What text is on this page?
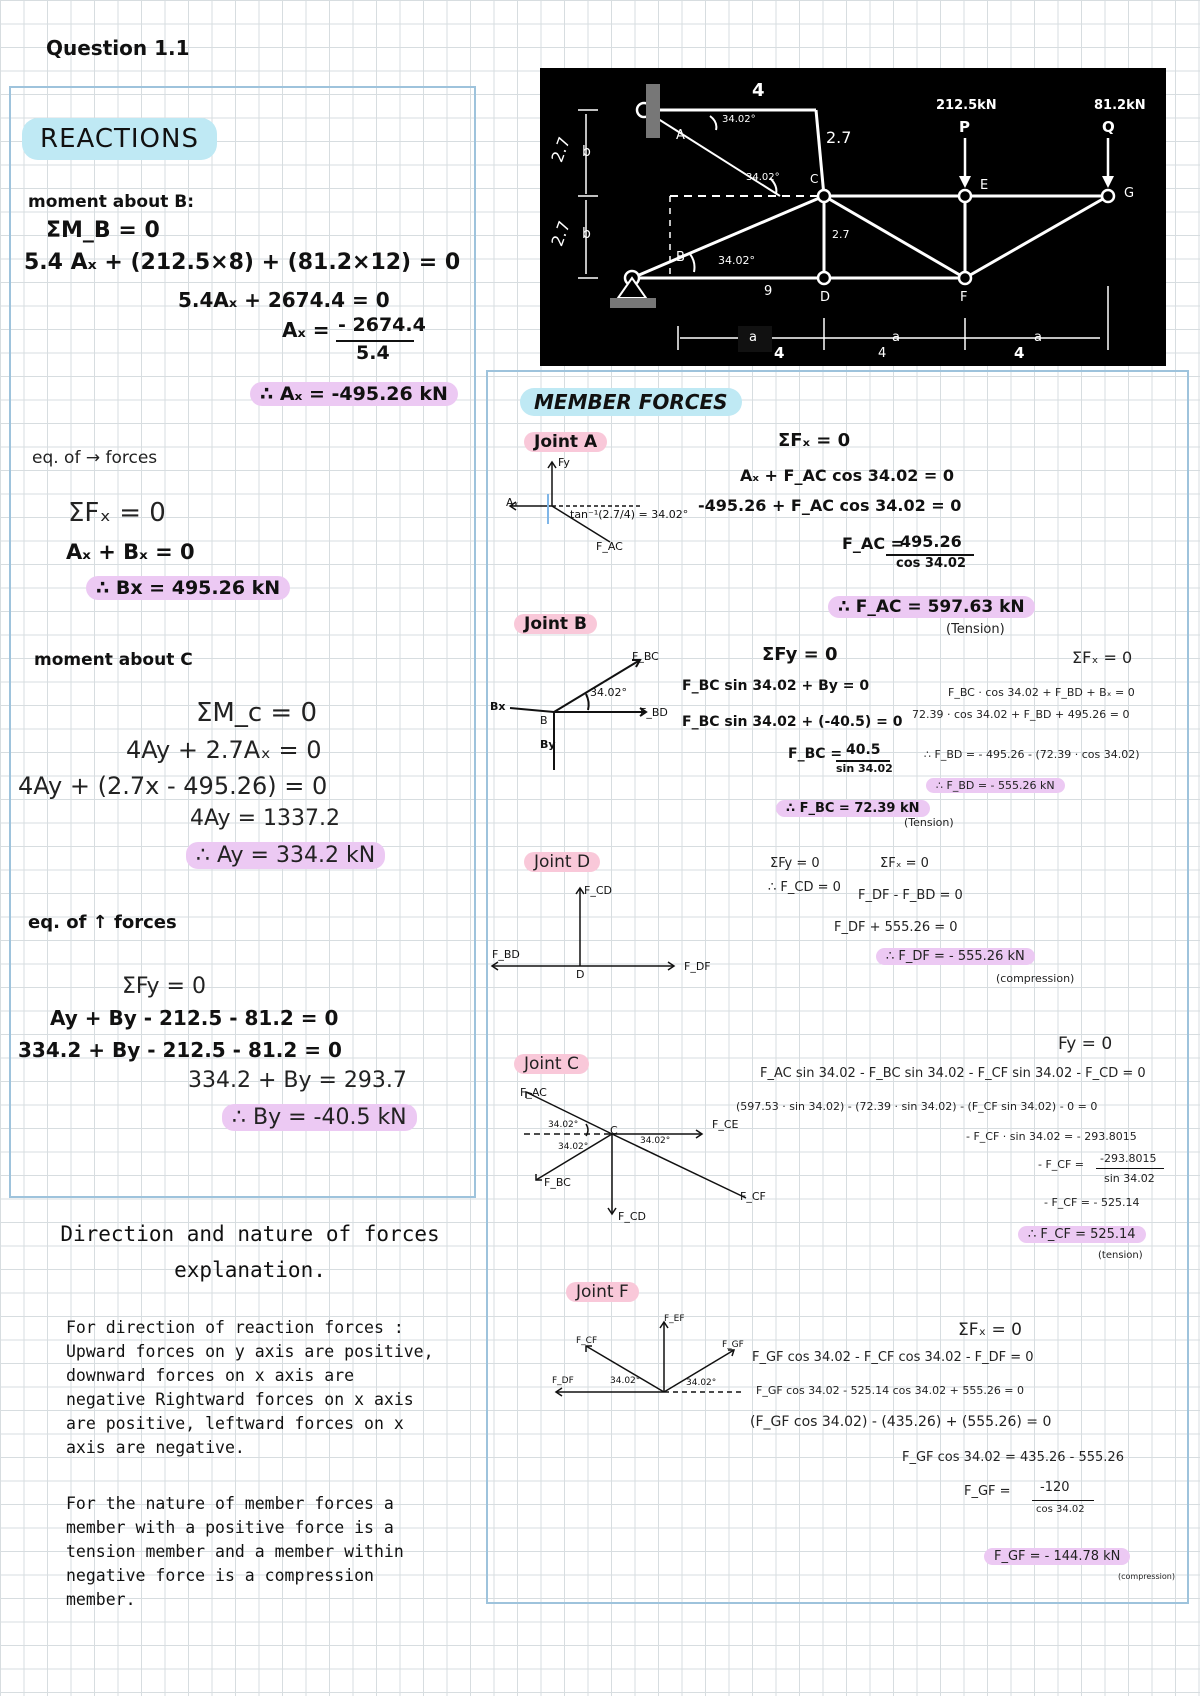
Question 1.1
REACTIONS
moment about B:
ΣM_B = 0
5.4 Aₓ + (212.5×8) + (81.2×12) = 0
5.4Aₓ + 2674.4 = 0
Aₓ = - 2674.4
5.4
∴ Aₓ = -495.26 kN
eq. of → forces
ΣFₓ = 0
Aₓ + Bₓ = 0
∴ Bx = 495.26 kN
moment about C
ΣM_c = 0
4Ay + 2.7Aₓ = 0
4Ay + (2.7x - 495.26) = 0
4Ay = 1337.2
∴ Ay = 334.2 kN
eq. of ↑ forces
ΣFy = 0
Ay + By - 212.5 - 81.2 = 0
334.2 + By - 212.5 - 81.2 = 0
334.2 + By = 293.7
∴ By = -40.5 kN
4
34.02°
2.7
34.02°
2.7
2.7
b
b
A
B
C
D
E
F
G
212.5kN
P
81.2kN
Q
2.7
34.02°
9
a	a	a
4	4	4
MEMBER FORCES
Joint A
Fy
Aₓ
F_AC
tan⁻¹(2.7/4) = 34.02°
ΣFₓ = 0
Aₓ + F_AC cos 34.02 = 0
-495.26 + F_AC cos 34.02 = 0
F_AC =
495.26
cos 34.02
∴ F_AC = 597.63 kN
(Tension)
Joint B
F_BC
34.02°
Bx	F_BD
By
B
ΣFy = 0
F_BC sin 34.02 + By = 0
F_BC sin 34.02 + (-40.5) = 0
F_BC = 40.5
sin 34.02
∴ F_BC = 72.39 kN
(Tension)
ΣFₓ = 0
F_BC · cos 34.02 + F_BD + Bₓ = 0
72.39 · cos 34.02 + F_BD + 495.26 = 0
∴ F_BD = - 495.26 - (72.39 · cos 34.02)
∴ F_BD = - 555.26 kN
Joint D
F_CD
F_BD
F_DF
D
ΣFy = 0
∴ F_CD = 0
ΣFₓ = 0
F_DF - F_BD = 0
F_DF + 555.26 = 0
∴ F_DF = - 555.26 kN
(compression)
Joint C
F_AC
34.02°
34.02°
34.02°
F_CE
F_BC
F_CD
F_CF
C
Fy = 0
F_AC sin 34.02 - F_BC sin 34.02 - F_CF sin 34.02 - F_CD = 0
(597.53 · sin 34.02) - (72.39 · sin 34.02) - (F_CF sin 34.02) - 0 = 0
- F_CF · sin 34.02 = - 293.8015
- F_CF = -293.8015
sin 34.02
- F_CF = - 525.14
∴ F_CF = 525.14
(tension)
Joint F
F_EF
F_CF	F_GF
F_DF	34.02°	34.02°
ΣFₓ = 0
F_GF cos 34.02 - F_CF cos 34.02 - F_DF = 0
F_GF cos 34.02 - 525.14 cos 34.02 + 555.26 = 0
(F_GF cos 34.02) - (435.26) + (555.26) = 0
F_GF cos 34.02 = 435.26 - 555.26
F_GF = -120
cos 34.02
F_GF = - 144.78 kN
(compression)
Direction and nature of forces
explanation.
For direction of reaction forces : Upward forces on y axis are positive, downward forces on x axis are negative Rightward forces on x axis are positive, leftward forces on x axis are negative.
For the nature of member forces a member with a positive force is a tension member and a member within negative force is a compression member.
